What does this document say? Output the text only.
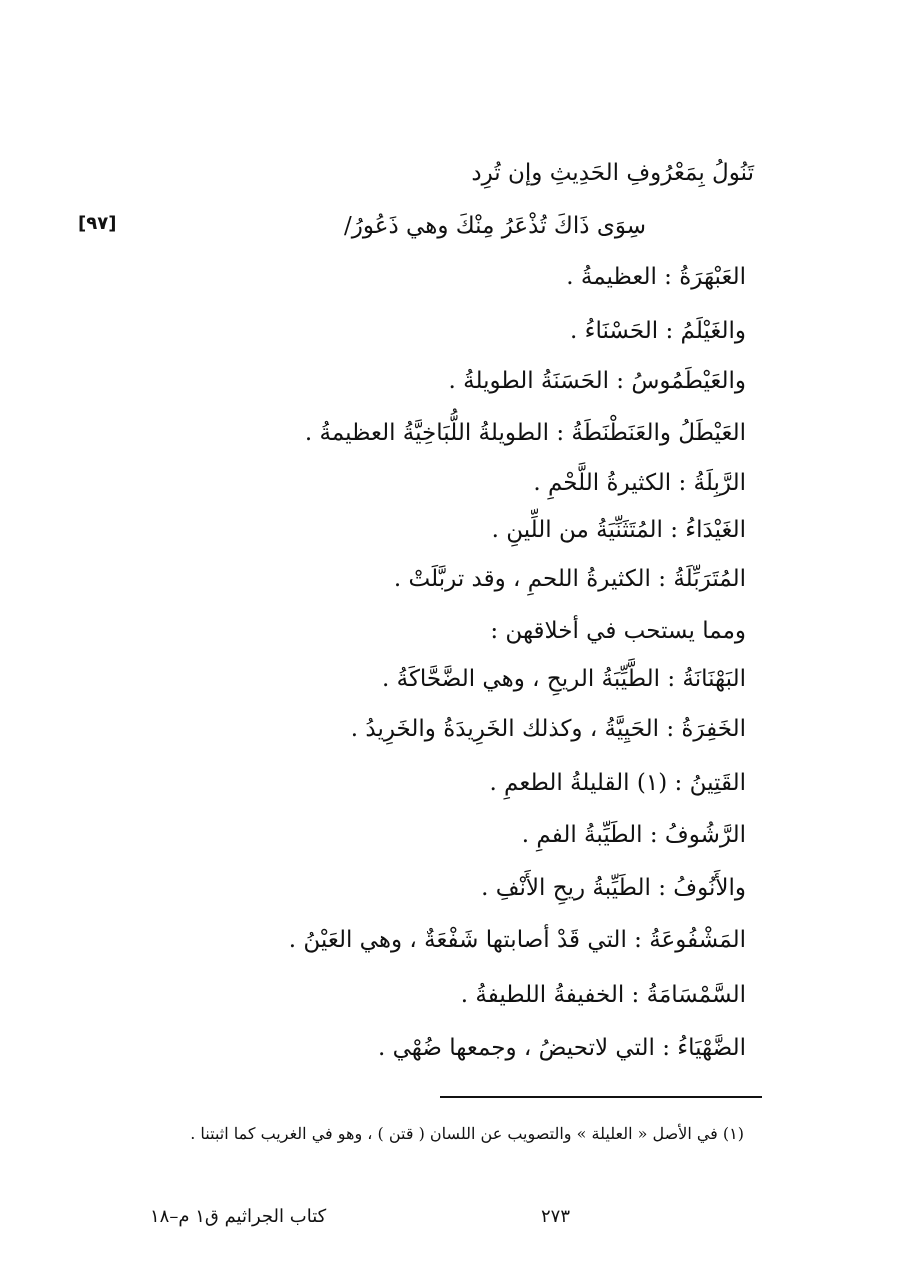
تَنُولُ بِمَعْرُوفِ الحَدِيثِ وإن تُرِد
سِوَى ذَاكَ تُذْعَرُ مِنْكَ وهي ذَعُورُ/
[٩٧]
العَبْهَرَةُ : العظيمةُ .
والغَيْلَمُ : الحَسْنَاءُ .
والعَيْطَمُوسُ : الحَسَنَةُ الطويلةُ .
العَيْطَلُ والعَنَطْنَطَةُ : الطويلةُ اللُّبَاخِيَّةُ العظيمةُ .
الرَّبِلَةُ : الكثيرةُ اللَّحْمِ .
الغَيْدَاءُ : المُتَثَنِّيَةُ من اللِّينِ .
المُتَرَبِّلَةُ : الكثيرةُ اللحمِ ، وقد تربَّلَتْ .
ومما يستحب في أخلاقهن :
البَهْنَانَةُ : الطَّيِّبَةُ الريحِ ، وهي الضَّحَّاكَةُ .
الخَفِرَةُ : الحَيِيَّةُ ، وكذلك الخَرِيدَةُ والخَرِيدُ .
القَتِينُ : (١) القليلةُ الطعمِ .
الرَّشُوفُ : الطَيِّبةُ الفمِ .
والأَنُوفُ : الطَيِّبةُ ريحِ الأَنْفِ .
المَشْفُوعَةُ : التي قَدْ أصابتها شَفْعَةٌ ، وهي العَيْنُ .
السَّمْسَامَةُ : الخفيفةُ اللطيفةُ .
الضَّهْيَاءُ : التي لاتحيضُ ، وجمعها ضُهْي .
(١) في الأصل « العليلة » والتصويب عن اللسان ( قتن ) ، وهو في الغريب كما اثبتنا .
٢٧٣
كتاب الجراثيم ق١ م–١٨
